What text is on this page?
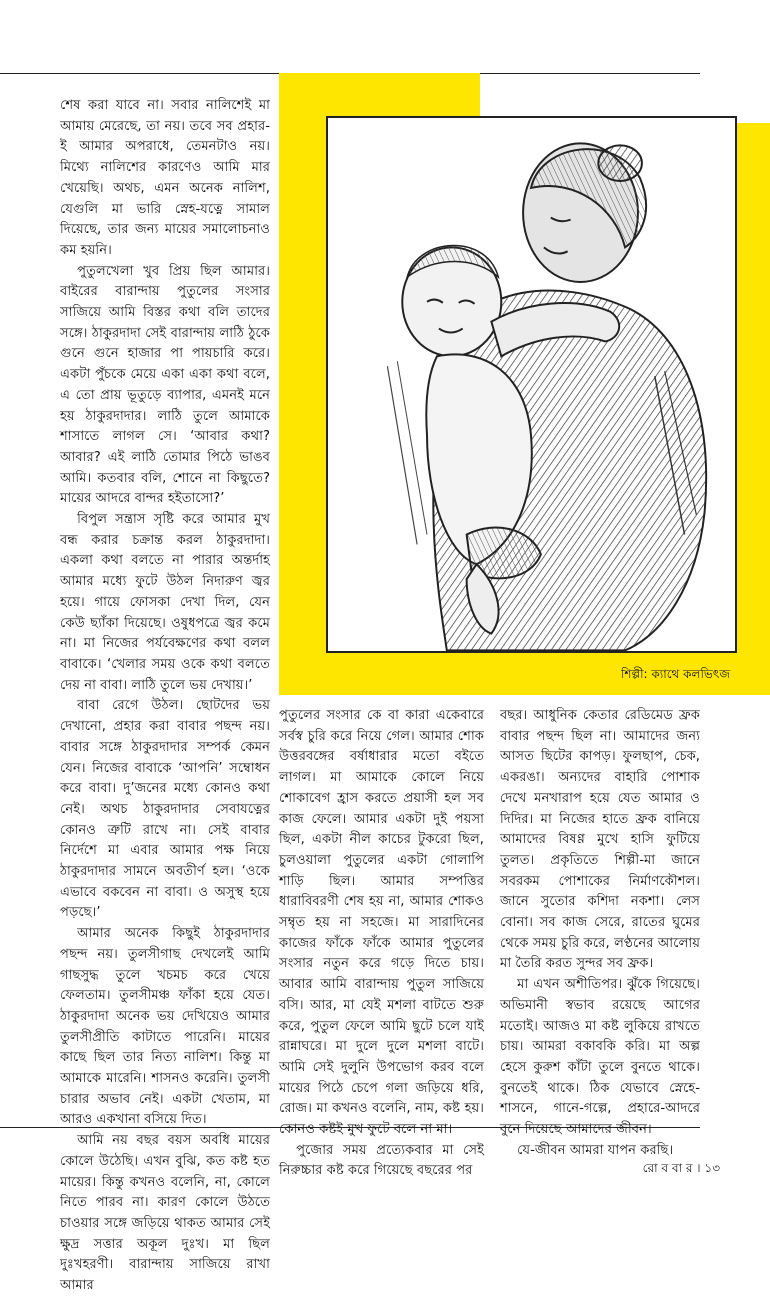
শিল্পী: ক্যাথে কলভিৎজ

শেষ করা যাবে না। সবার নালিশেই মা আমায় মেরেছে, তা নয়। তবে সব প্রহার-ই আমার অপরাধে, তেমনটাও নয়। মিথ্যে নালিশের কারণেও আমি মার খেয়েছি। অথচ, এমন অনেক নালিশ, যেগুলি মা ভারি স্নেহ-যত্নে সামাল দিয়েছে, তার জন্য মায়ের সমালোচনাও কম হয়নি।

পুতুলখেলা খুব প্রিয় ছিল আমার। বাইরের বারান্দায় পুতুলের সংসার সাজিয়ে আমি বিস্তর কথা বলি তাদের সঙ্গে। ঠাকুরদাদা সেই বারান্দায় লাঠি ঠুকে গুনে গুনে হাজার পা পায়চারি করে। একটা পুঁচকে মেয়ে একা একা কথা বলে, এ তো প্রায় ভূতুড়ে ব্যাপার, এমনই মনে হয় ঠাকুরদাদার। লাঠি তুলে আমাকে শাসাতে লাগল সে। ‘আবার কথা? আবার? এই লাঠি তোমার পিঠে ভাঙব আমি। কতবার বলি, শোনে না কিছুতে? মায়ের আদরে বান্দর হইতাসো?’

বিপুল সন্ত্রাস সৃষ্টি করে আমার মুখ বন্ধ করার চক্রান্ত করল ঠাকুরদাদা। একলা কথা বলতে না পারার অন্তর্দাহ আমার মধ্যে ফুটে উঠল নিদারুণ জ্বর হয়ে। গায়ে ফোসকা দেখা দিল, যেন কেউ ছ্যাঁকা দিয়েছে। ওষুধপত্রে জ্বর কমে না। মা নিজের পর্যবেক্ষণের কথা বলল বাবাকে। ‘খেলার সময় ওকে কথা বলতে দেয় না বাবা। লাঠি তুলে ভয় দেখায়।’

বাবা রেগে উঠল। ছোটদের ভয় দেখানো, প্রহার করা বাবার পছন্দ নয়। বাবার সঙ্গে ঠাকুরদাদার সম্পর্ক কেমন যেন। নিজের বাবাকে ‘আপনি’ সম্বোধন করে বাবা। দু’জনের মধ্যে কোনও কথা নেই। অথচ ঠাকুরদাদার সেবাযত্নের কোনও ত্রুটি রাখে না। সেই বাবার নির্দেশে মা এবার আমার পক্ষ নিয়ে ঠাকুরদাদার সামনে অবতীর্ণ হল। ‘ওকে এভাবে বকবেন না বাবা। ও অসুস্থ হয়ে পড়ছে।’

আমার অনেক কিছুই ঠাকুরদাদার পছন্দ নয়। তুলসীগাছ দেখলেই আমি গাছসুদ্ধ তুলে খচমচ করে খেয়ে ফেলতাম। তুলসীমঞ্চ ফাঁকা হয়ে যেত। ঠাকুরদাদা অনেক ভয় দেখিয়েও আমার তুলসীপ্রীতি কাটাতে পারেনি। মায়ের কাছে ছিল তার নিত্য নালিশ। কিন্তু মা আমাকে মারেনি। শাসনও করেনি। তুলসী চারার অভাব নেই। একটা খেতাম, মা আরও একখানা বসিয়ে দিত।

আমি নয় বছর বয়স অবধি মায়ের কোলে উঠেছি। এখন বুঝি, কত কষ্ট হত মায়ের। কিন্তু কখনও বলেনি, না, কোলে নিতে পারব না। কারণ কোলে উঠতে চাওয়ার সঙ্গে জড়িয়ে থাকত আমার সেই ক্ষুদ্র সত্তার অকূল দুঃখ। মা ছিল দুঃখহরণী। বারান্দায় সাজিয়ে রাখা আমার

পুতুলের সংসার কে বা কারা একেবারে সর্বস্ব চুরি করে নিয়ে গেল। আমার শোক উত্তরবঙ্গের বর্ষাধারার মতো বইতে লাগল। মা আমাকে কোলে নিয়ে শোকাবেগ হ্রাস করতে প্রয়াসী হল সব কাজ ফেলে। আমার একটা দুই পয়সা ছিল, একটা নীল কাচের টুকরো ছিল, চুলওয়ালা পুতুলের একটা গোলাপি শাড়ি ছিল। আমার সম্পত্তির ধারাবিবরণী শেষ হয় না, আমার শোকও সম্বৃত হয় না সহজে। মা সারাদিনের কাজের ফাঁকে ফাঁকে আমার পুতুলের সংসার নতুন করে গড়ে দিতে চায়। আবার আমি বারান্দায় পুতুল সাজিয়ে বসি। আর, মা যেই মশলা বাটতে শুরু করে, পুতুল ফেলে আমি ছুটে চলে যাই রান্নাঘরে। মা দুলে দুলে মশলা বাটে। আমি সেই দুলুনি উপভোগ করব বলে মায়ের পিঠে চেপে গলা জড়িয়ে ধরি, রোজ। মা কখনও বলেনি, নাম, কষ্ট হয়। কোনও কষ্টই মুখ ফুটে বলে না মা।

পুজোর সময় প্রত্যেকবার মা সেই নিরুচ্চার কষ্ট করে গিয়েছে বছরের পর

বছর। আধুনিক কেতার রেডিমেড ফ্রক বাবার পছন্দ ছিল না। আমাদের জন্য আসত ছিটের কাপড়। ফুলছাপ, চেক, একরঙা। অন্যদের বাহারি পোশাক দেখে মনখারাপ হয়ে যেত আমার ও দিদির। মা নিজের হাতে ফ্রক বানিয়ে আমাদের বিষণ্ণ মুখে হাসি ফুটিয়ে তুলত। প্রকৃতিতে শিল্পী-মা জানে সবরকম পোশাকের নির্মাণকৌশল। জানে সুতোর কশিদা নকশা। লেস বোনা। সব কাজ সেরে, রাতের ঘুমের থেকে সময় চুরি করে, লণ্ঠনের আলোয় মা তৈরি করত সুন্দর সব ফ্রক।

মা এখন অশীতিপর। ঝুঁকে গিয়েছে। অভিমানী স্বভাব রয়েছে আগের মতোই। আজও মা কষ্ট লুকিয়ে রাখতে চায়। আমরা বকাবকি করি। মা অল্প হেসে কুরুশ কাঁটা তুলে বুনতে থাকে। বুনতেই থাকে। ঠিক যেভাবে স্নেহে-শাসনে, গানে-গল্পে, প্রহারে-আদরে বুনে দিয়েছে আমাদের জীবন।

যে-জীবন আমরা যাপন করছি।

রো ব বা র । ১৩
